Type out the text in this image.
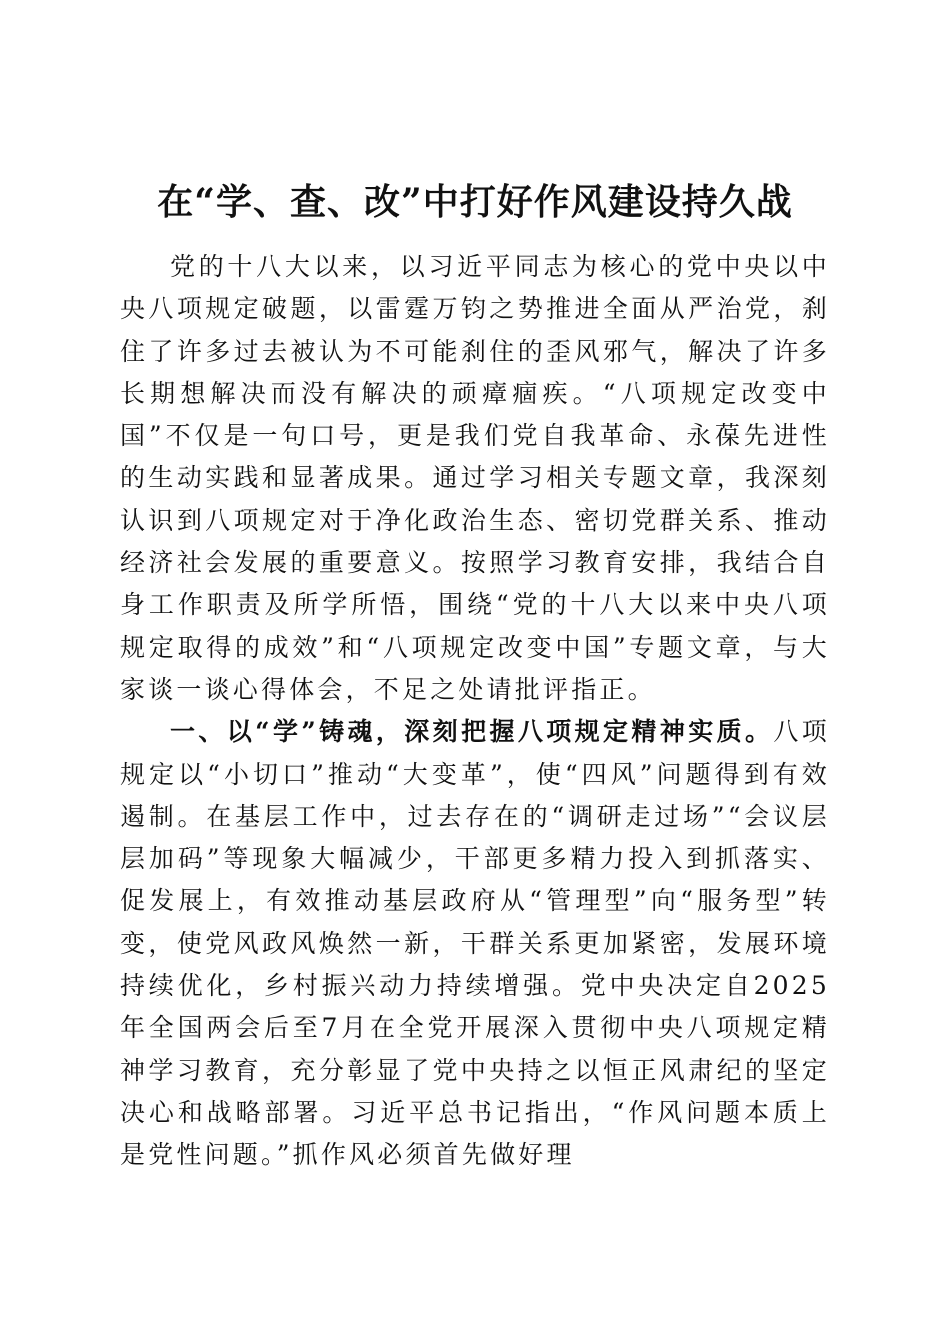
在“学、查、改”中打好作风建设持久战

党的十八大以来，以习近平同志为核心的党中央以中央八项规定破题，以雷霆万钧之势推进全面从严治党，刹住了许多过去被认为不可能刹住的歪风邪气，解决了许多长期想解决而没有解决的顽瘴痼疾。“八项规定改变中国”不仅是一句口号，更是我们党自我革命、永葆先进性的生动实践和显著成果。通过学习相关专题文章，我深刻认识到八项规定对于净化政治生态、密切党群关系、推动经济社会发展的重要意义。按照学习教育安排，我结合自身工作职责及所学所悟，围绕“党的十八大以来中央八项规定取得的成效”和“八项规定改变中国”专题文章，与大家谈一谈心得体会，不足之处请批评指正。

一、以“学”铸魂，深刻把握八项规定精神实质。八项规定以“小切口”推动“大变革”，使“四风”问题得到有效遏制。在基层工作中，过去存在的“调研走过场”“会议层层加码”等现象大幅减少，干部更多精力投入到抓落实、促发展上，有效推动基层政府从“管理型”向“服务型”转变，使党风政风焕然一新，干群关系更加紧密，发展环境持续优化，乡村振兴动力持续增强。党中央决定自2025年全国两会后至7月在全党开展深入贯彻中央八项规定精神学习教育，充分彰显了党中央持之以恒正风肃纪的坚定决心和战略部署。习近平总书记指出，“作风问题本质上是党性问题。”抓作风必须首先做好理
